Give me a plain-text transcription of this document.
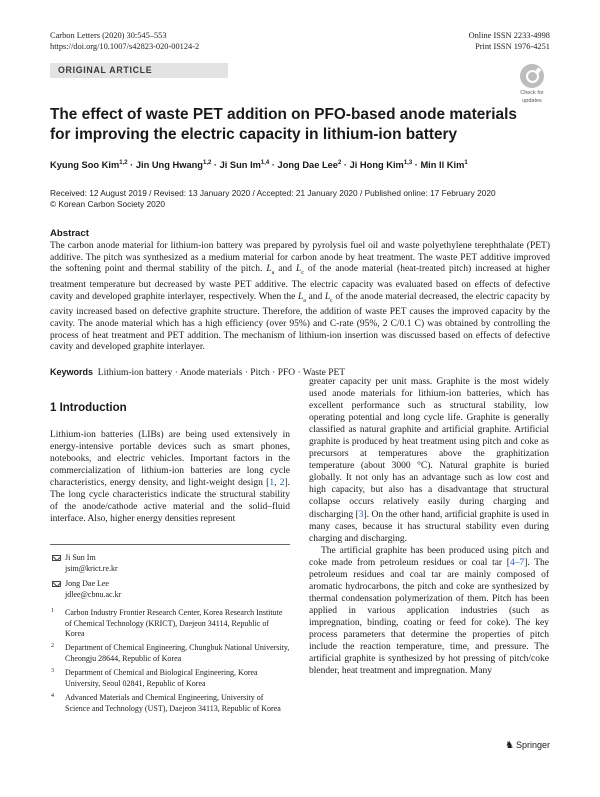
Carbon Letters (2020) 30:545–553
https://doi.org/10.1007/s42823-020-00124-2
Online ISSN 2233-4998
Print ISSN 1976-4251
ORIGINAL ARTICLE
Check for
updates
The effect of waste PET addition on PFO-based anode materials
for improving the electric capacity in lithium-ion battery
Kyung Soo Kim$^{1,2}$ · Jin Ung Hwang$^{1,2}$ · Ji Sun Im$^{1,4}$ · Jong Dae Lee$^2$ · Ji Hong Kim$^{1,3}$ · Min Il Kim$^1$
Received: 12 August 2019 / Revised: 13 January 2020 / Accepted: 21 January 2020 / Published online: 17 February 2020
© Korean Carbon Society 2020
Abstract

The carbon anode material for lithium-ion battery was prepared by pyrolysis fuel oil and waste polyethylene terephthalate (PET) additive. The pitch was synthesized as a medium material for carbon anode by heat treatment. The waste PET additive improved the softening point and thermal stability of the pitch. $L_a$ and $L_c$ of the anode material (heat-treated pitch) increased at higher treatment temperature but decreased by waste PET additive. The electric capacity was evaluated based on effects of defective cavity and developed graphite interlayer, respectively. When the $L_a$ and $L_c$ of the anode material decreased, the electric capacity by cavity increased based on defective graphite structure. Therefore, the addition of waste PET causes the improved capacity by the cavity. The anode material which has a high efficiency (over 95%) and C-rate (95%, 2 C/0.1 C) was obtained by controlling the process of heat treatment and PET addition. The mechanism of lithium-ion insertion was discussed based on effects of defective cavity and developed graphite interlayer.

Keywords Lithium-ion battery · Anode materials · Pitch · PFO · Waste PET
1 Introduction

Lithium-ion batteries (LIBs) are being used extensively in energy-intensive portable devices such as smart phones, notebooks, and electric vehicles. Important factors in the commercialization of lithium-ion batteries are long cycle characteristics, energy density, and light-weight design [1, 2]. The long cycle characteristics indicate the structural stability of the anode/cathode active material and the solid–fluid interface. Also, higher energy densities represent

greater capacity per unit mass. Graphite is the most widely used anode materials for lithium-ion batteries, which has excellent performance such as structural stability, low operating potential and long cycle life. Graphite is generally classified as natural graphite and artificial graphite. Artificial graphite is produced by heat treatment using pitch and coke as precursors at temperatures above the graphitization temperature (about 3000 °C). Natural graphite is buried globally. It not only has an advantage such as low cost and high capacity, but also has a disadvantage that structural collapse occurs relatively easily during charging and discharging [3]. On the other hand, artificial graphite is used in many cases, because it has structural stability even during charging and discharging.

The artificial graphite has been produced using pitch and coke made from petroleum residues or coal tar [4–7]. The petroleum residues and coal tar are mainly composed of aromatic hydrocarbons, the pitch and coke are synthesized by thermal condensation polymerization of them. Pitch has been applied in various application industries (such as impregnation, binding, coating or feed for coke). The key process parameters that determine the properties of pitch include the reaction temperature, time, and pressure. The artificial graphite is synthesized by hot pressing of pitch/coke blender, heat treatment and impregnation. Many

Ji Sun Im
jsim@krict.re.kr
Jong Dae Lee
jdlee@cbnu.ac.kr
1 Carbon Industry Frontier Research Center, Korea Research Institute of Chemical Technology (KRICT), Daejeon 34114, Republic of Korea
2 Department of Chemical Engineering, Chungbuk National University, Cheongju 28644, Republic of Korea
3 Department of Chemical and Biological Engineering, Korea University, Seoul 02841, Republic of Korea
4 Advanced Materials and Chemical Engineering, University of Science and Technology (UST), Daejeon 34113, Republic of Korea
♞ Springer
